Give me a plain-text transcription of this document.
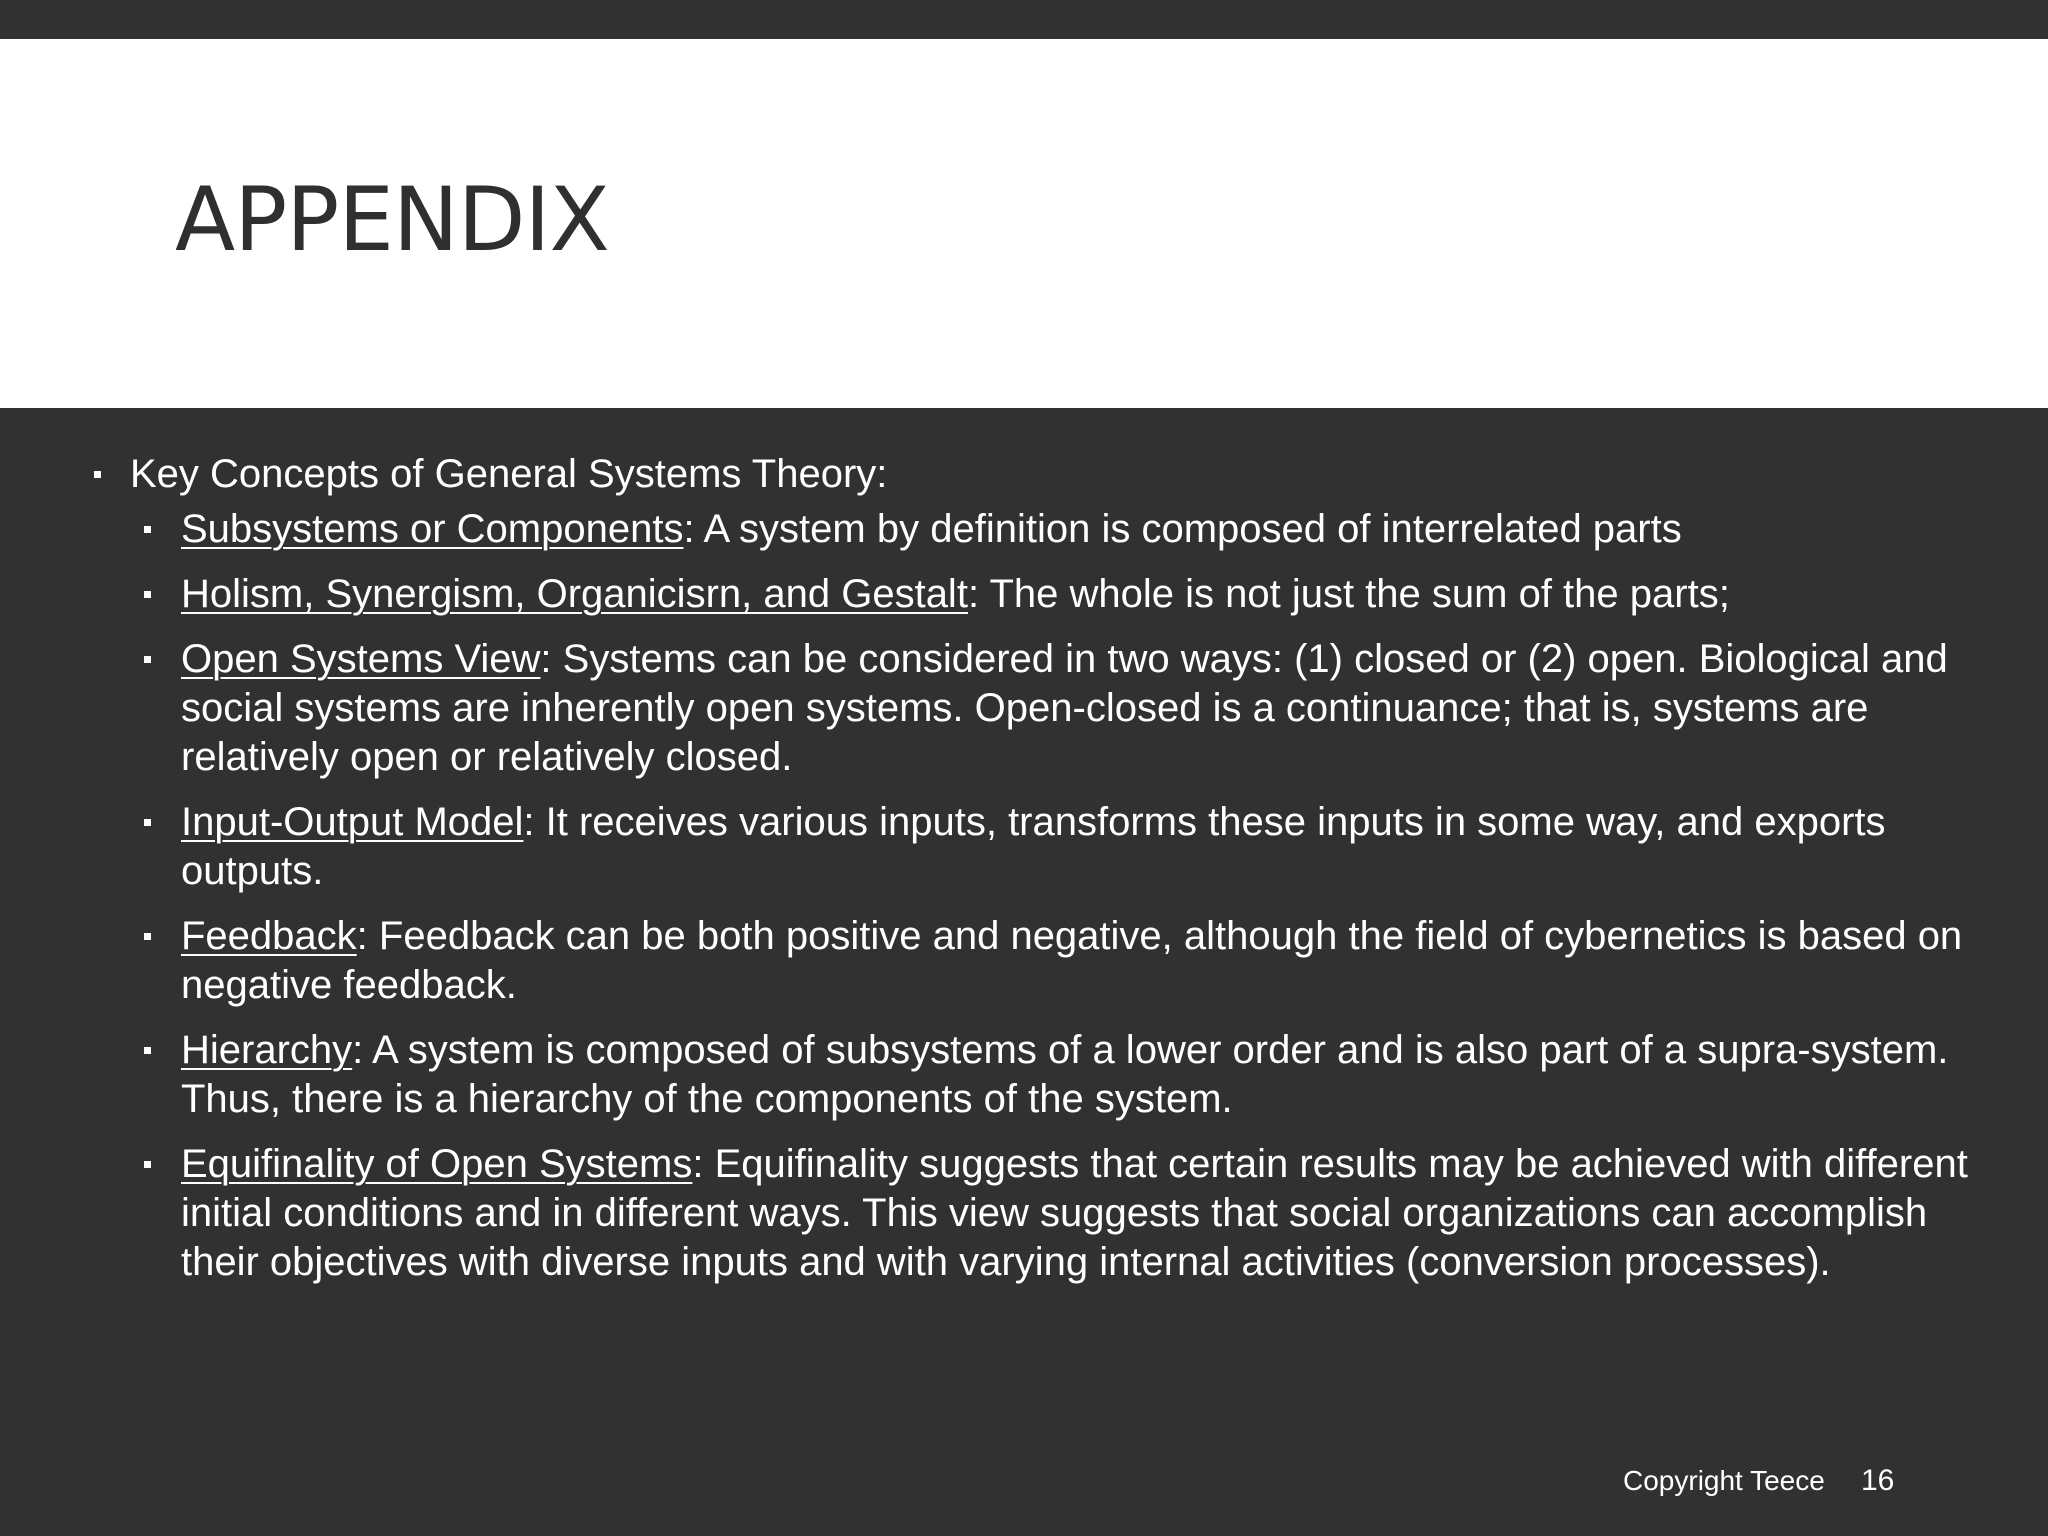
APPENDIX
Key Concepts of General Systems Theory:
Subsystems or Components: A system by definition is composed of interrelated parts
Holism, Synergism, Organicisrn, and Gestalt: The whole is not just the sum of the parts;
Open Systems View: Systems can be considered in two ways: (1) closed or (2) open. Biological and social systems are inherently open systems. Open-closed is a continuance; that is, systems are relatively open or relatively closed.
Input-Output Model: It receives various inputs, transforms these inputs in some way, and exports outputs.
Feedback: Feedback can be both positive and negative, although the field of cybernetics is based on negative feedback.
Hierarchy: A system is composed of subsystems of a lower order and is also part of a supra-system. Thus, there is a hierarchy of the components of the system.
Equifinality of Open Systems: Equifinality suggests that certain results may be achieved with different initial conditions and in different ways. This view suggests that social organizations can accomplish their objectives with diverse inputs and with varying internal activities (conversion processes).
Copyright Teece 16
